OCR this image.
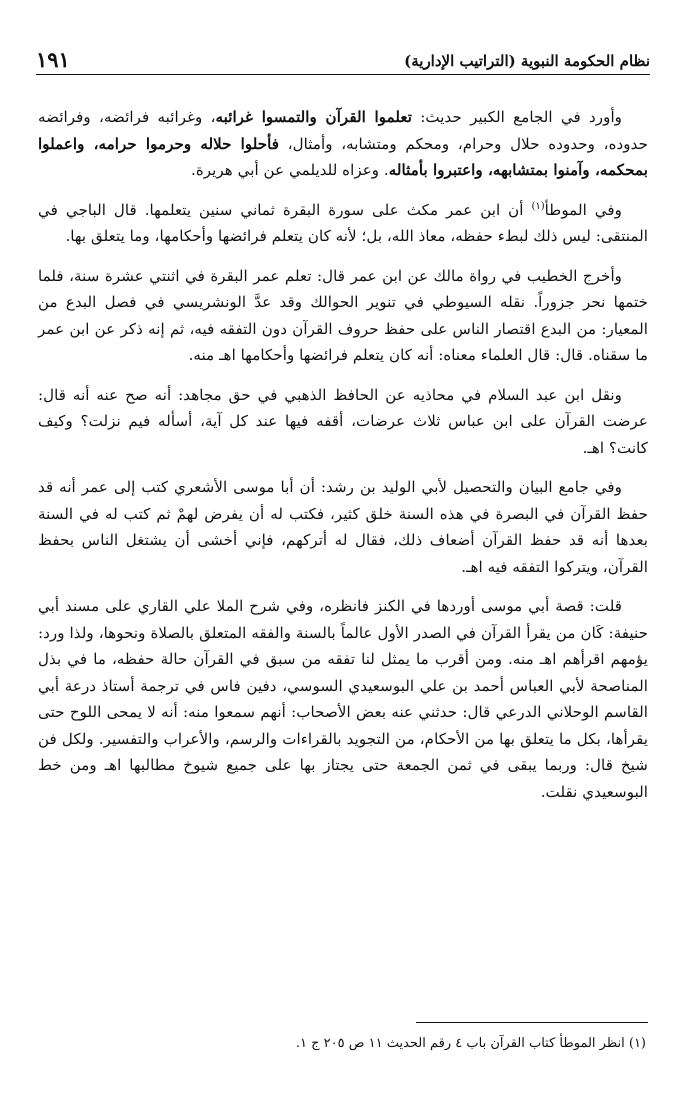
نظام الحكومة النبوية (التراتيب الإدارية)
١٩١

وأورد في الجامع الكبير حديث: تعلموا القرآن والتمسوا غرائبه، وغرائبه فرائضه، وفرائضه حدوده، وحدوده حلال وحرام، ومحكم ومتشابه، وأمثال، فأحلوا حلاله وحرموا حرامه، واعملوا بمحكمه، وآمنوا بمتشابهه، واعتبروا بأمثاله. وعزاه للديلمي عن أبي هريرة.

وفي الموطأ$^{(١)}$ أن ابن عمر مكث على سورة البقرة ثماني سنين يتعلمها. قال الباجي في المنتقى: ليس ذلك لبطء حفظه، معاذ الله، بل؛ لأنه كان يتعلم فرائضها وأحكامها، وما يتعلق بها.

وأخرج الخطيب في رواة مالك عن ابن عمر قال: تعلم عمر البقرة في اثنتي عشرة سنة، فلما ختمها نحر جزوراً. نقله السيوطي في تنوير الحوالك وقد عدَّ الونشريسي في فصل البدع من المعيار: من البدع اقتصار الناس على حفظ حروف القرآن دون التفقه فيه، ثم إنه ذكر عن ابن عمر ما سقناه. قال: قال العلماء معناه: أنه كان يتعلم فرائضها وأحكامها اهـ منه.

ونقل ابن عبد السلام في محاذيه عن الحافظ الذهبي في حق مجاهد: أنه صح عنه أنه قال: عرضت القرآن على ابن عباس ثلاث عرضات، أقفه فيها عند كل آية، أسأله فيم نزلت؟ وكيف كانت؟ اهـ.

وفي جامع البيان والتحصيل لأبي الوليد بن رشد: أن أبا موسى الأشعري كتب إلى عمر أنه قد حفظ القرآن في البصرة في هذه السنة خلق كثير، فكتب له أن يفرض لهمْ ثم كتب له في السنة بعدها أنه قد حفظ القرآن أضعاف ذلك، فقال له أتركهم، فإني أخشى أن يشتغل الناس بحفظ القرآن، ويتركوا التفقه فيه اهـ.

قلت: قصة أبي موسى أوردها في الكنز فانظره، وفي شرح الملا علي القاري على مسند أبي حنيفة: كَان من يقرأ القرآن في الصدر الأول عالماً بالسنة والفقه المتعلق بالصلاة ونحوها، ولذا ورد: يؤمهم اقرأهم اهـ منه. ومن أقرب ما يمثل لنا تفقه من سبق في القرآن حالة حفظه، ما في بذل المناصحة لأبي العباس أحمد بن علي البوسعيدي السوسي، دفين فاس في ترجمة أستاذ درعة أبي القاسم الوحلاني الدرعي قال: حدثني عنه بعض الأصحاب: أنهم سمعوا منه: أنه لا يمحى اللوح حتى يقرأها، بكل ما يتعلق بها من الأحكام، من التجويد بالقراءات والرسم، والأعراب والتفسير. ولكل فن شيخ قال: وربما يبقى في ثمن الجمعة حتى يجتاز بها على جميع شيوخ مطالبها اهـ ومن خط البوسعيدي نقلت.

(١) انظر الموطأ كتاب القرآن باب ٤ رقم الحديث ١١ ص ٢٠٥ ج ١.
